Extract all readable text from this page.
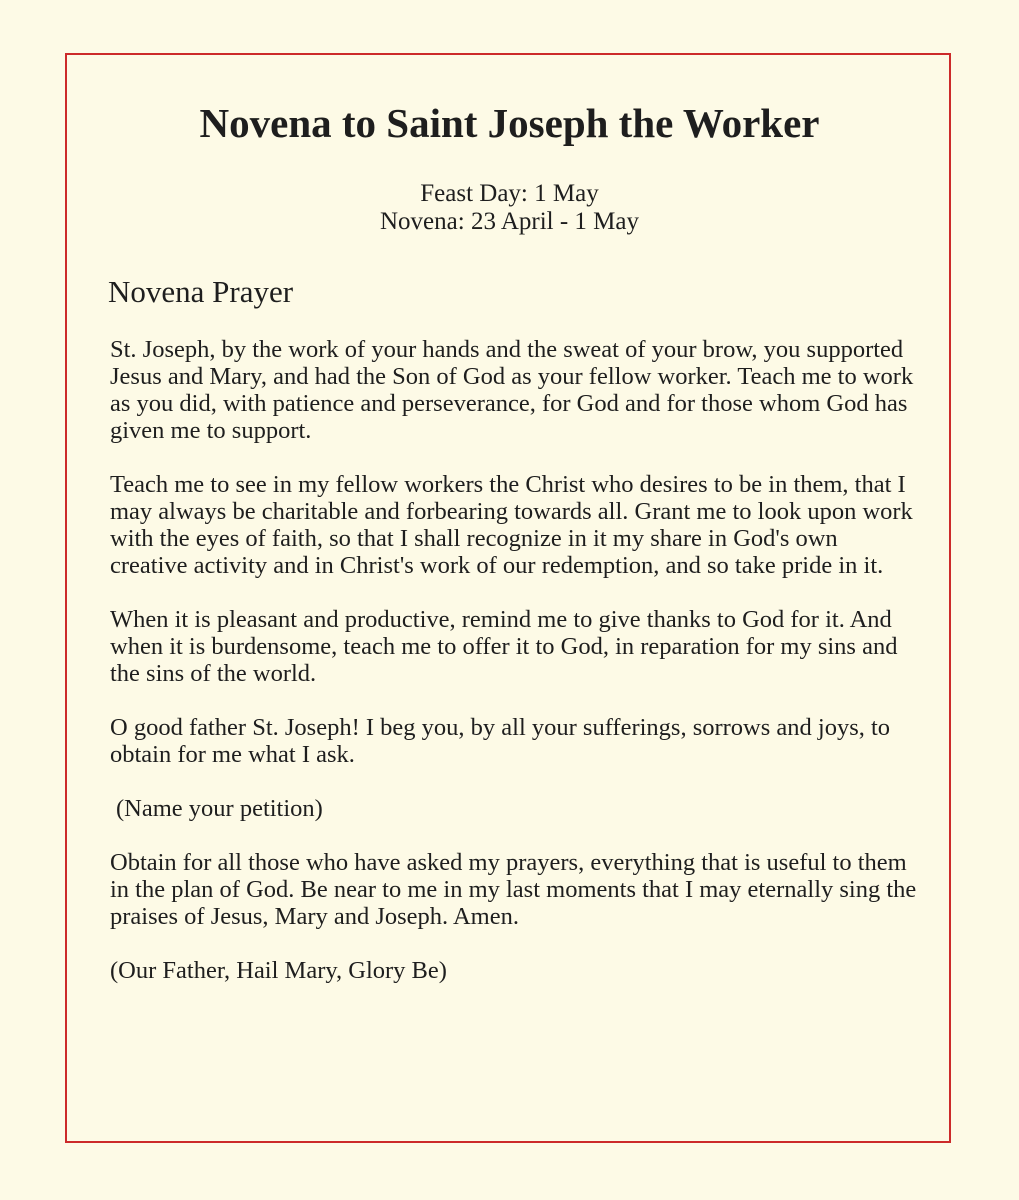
Novena to Saint Joseph the Worker
Feast Day: 1 May
Novena: 23 April - 1 May
Novena Prayer

St. Joseph, by the work of your hands and the sweat of your brow, you supported Jesus and Mary, and had the Son of God as your fellow worker. Teach me to work as you did, with patience and perseverance, for God and for those whom God has given me to support.

Teach me to see in my fellow workers the Christ who desires to be in them, that I may always be charitable and forbearing towards all. Grant me to look upon work with the eyes of faith, so that I shall recognize in it my share in God's own creative activity and in Christ's work of our redemption, and so take pride in it.

When it is pleasant and productive, remind me to give thanks to God for it. And when it is burdensome, teach me to offer it to God, in reparation for my sins and the sins of the world.

O good father St. Joseph! I beg you, by all your sufferings, sorrows and joys, to obtain for me what I ask.

(Name your petition)

Obtain for all those who have asked my prayers, everything that is useful to them in the plan of God. Be near to me in my last moments that I may eternally sing the praises of Jesus, Mary and Joseph. Amen.

(Our Father, Hail Mary, Glory Be)
